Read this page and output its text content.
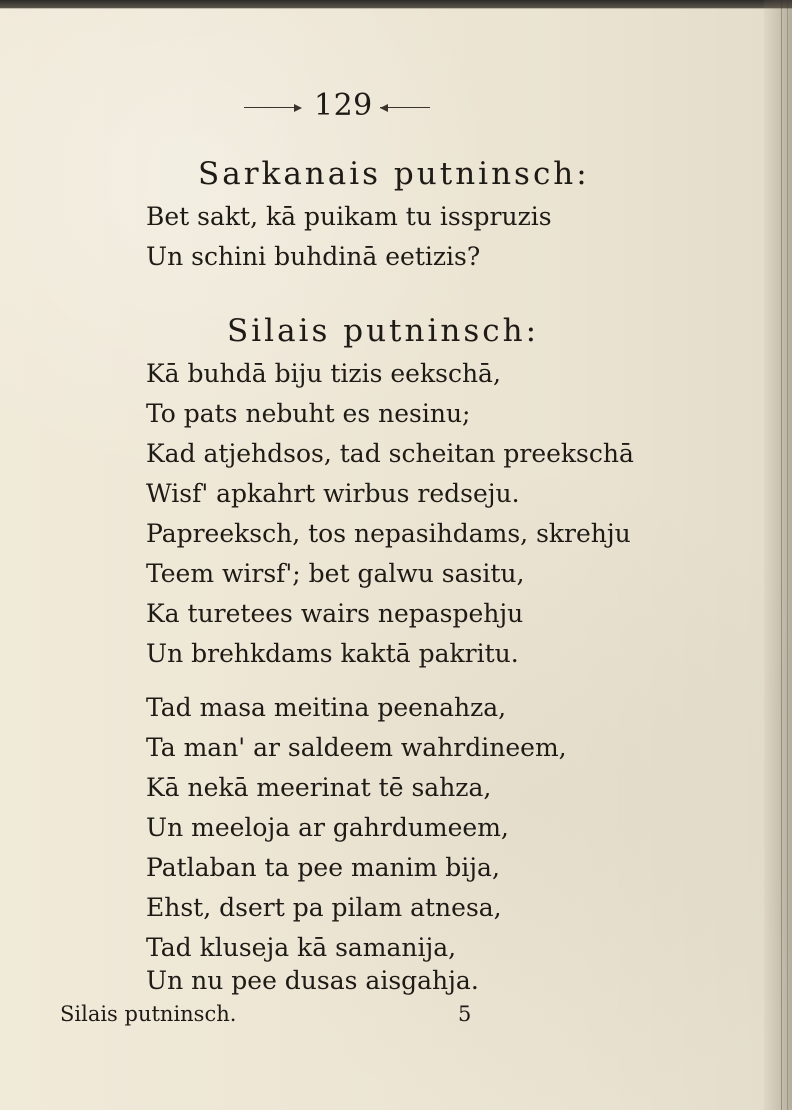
129
Sarkanais putninsch:
Bet sakt, kā puikam tu isspruzis
Un schini buhdinā eetizis?
Silais putninsch:
Kā buhdā biju tizis eekschā,
To pats nebuht es nesinu;
Kad atjehdsos, tad scheitan preekschā
Wisf' apkahrt wirbus redseju.
Papreeksch, tos nepasihdams, skrehju
Teem wirsf'; bet galwu sasitu,
Ka turetees wairs nepaspehju
Un brehkdams kaktā pakritu.
Tad masa meitina peenahza,
Ta man' ar saldeem wahrdineem,
Kā nekā meerinat tē sahza,
Un meeloja ar gahrdumeem,
Patlaban ta pee manim bija,
Ehst, dsert pa pilam atnesa,
Tad kluseja kā samanija,
Un nu pee dusas aisgahja.
Silais putninsch.	5
